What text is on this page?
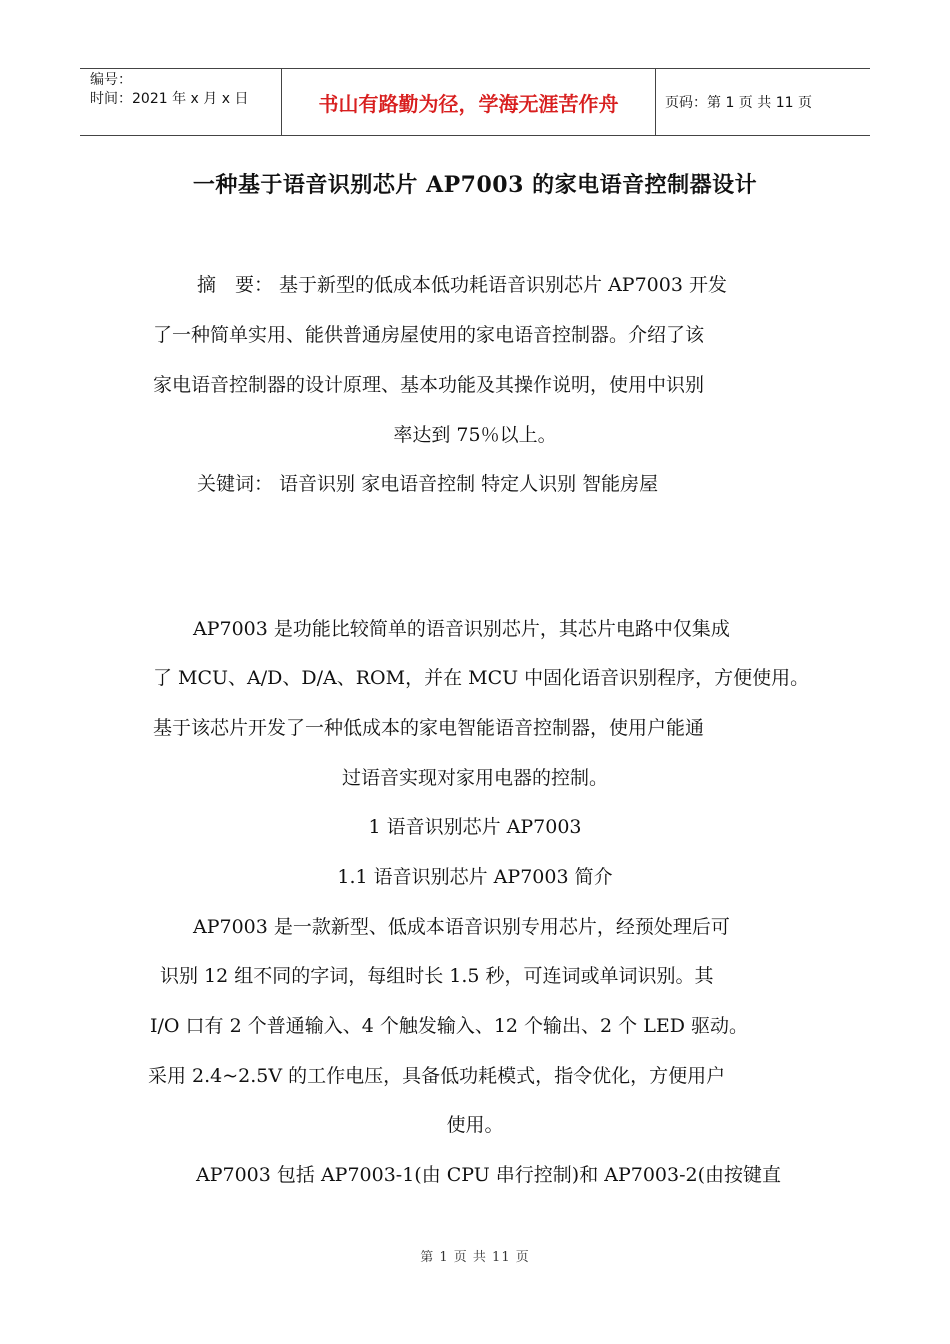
编号：
时间：2021 年 x 月 x 日	书山有路勤为径，学海无涯苦作舟	页码：第 1 页 共 11 页
一种基于语音识别芯片 AP7003 的家电语音控制器设计
摘　要： 基于新型的低成本低功耗语音识别芯片 AP7003 开发
了一种简单实用、能供普通房屋使用的家电语音控制器。介绍了该
家电语音控制器的设计原理、基本功能及其操作说明，使用中识别
率达到 75％以上。
关键词： 语音识别 家电语音控制 特定人识别 智能房屋
AP7003 是功能比较简单的语音识别芯片，其芯片电路中仅集成
了 MCU、A/D、D/A、ROM，并在 MCU 中固化语音识别程序，方便使用。
基于该芯片开发了一种低成本的家电智能语音控制器，使用户能通
过语音实现对家用电器的控制。
1 语音识别芯片 AP7003
1.1 语音识别芯片 AP7003 简介
AP7003 是一款新型、低成本语音识别专用芯片，经预处理后可
识别 12 组不同的字词，每组时长 1.5 秒，可连词或单词识别。其
I/O 口有 2 个普通输入、4 个触发输入、12 个输出、2 个 LED 驱动。
采用 2.4~2.5V 的工作电压，具备低功耗模式，指令优化，方便用户
使用。
AP7003 包括 AP7003-1(由 CPU 串行控制)和 AP7003-2(由按键直
第 1 页 共 11 页
